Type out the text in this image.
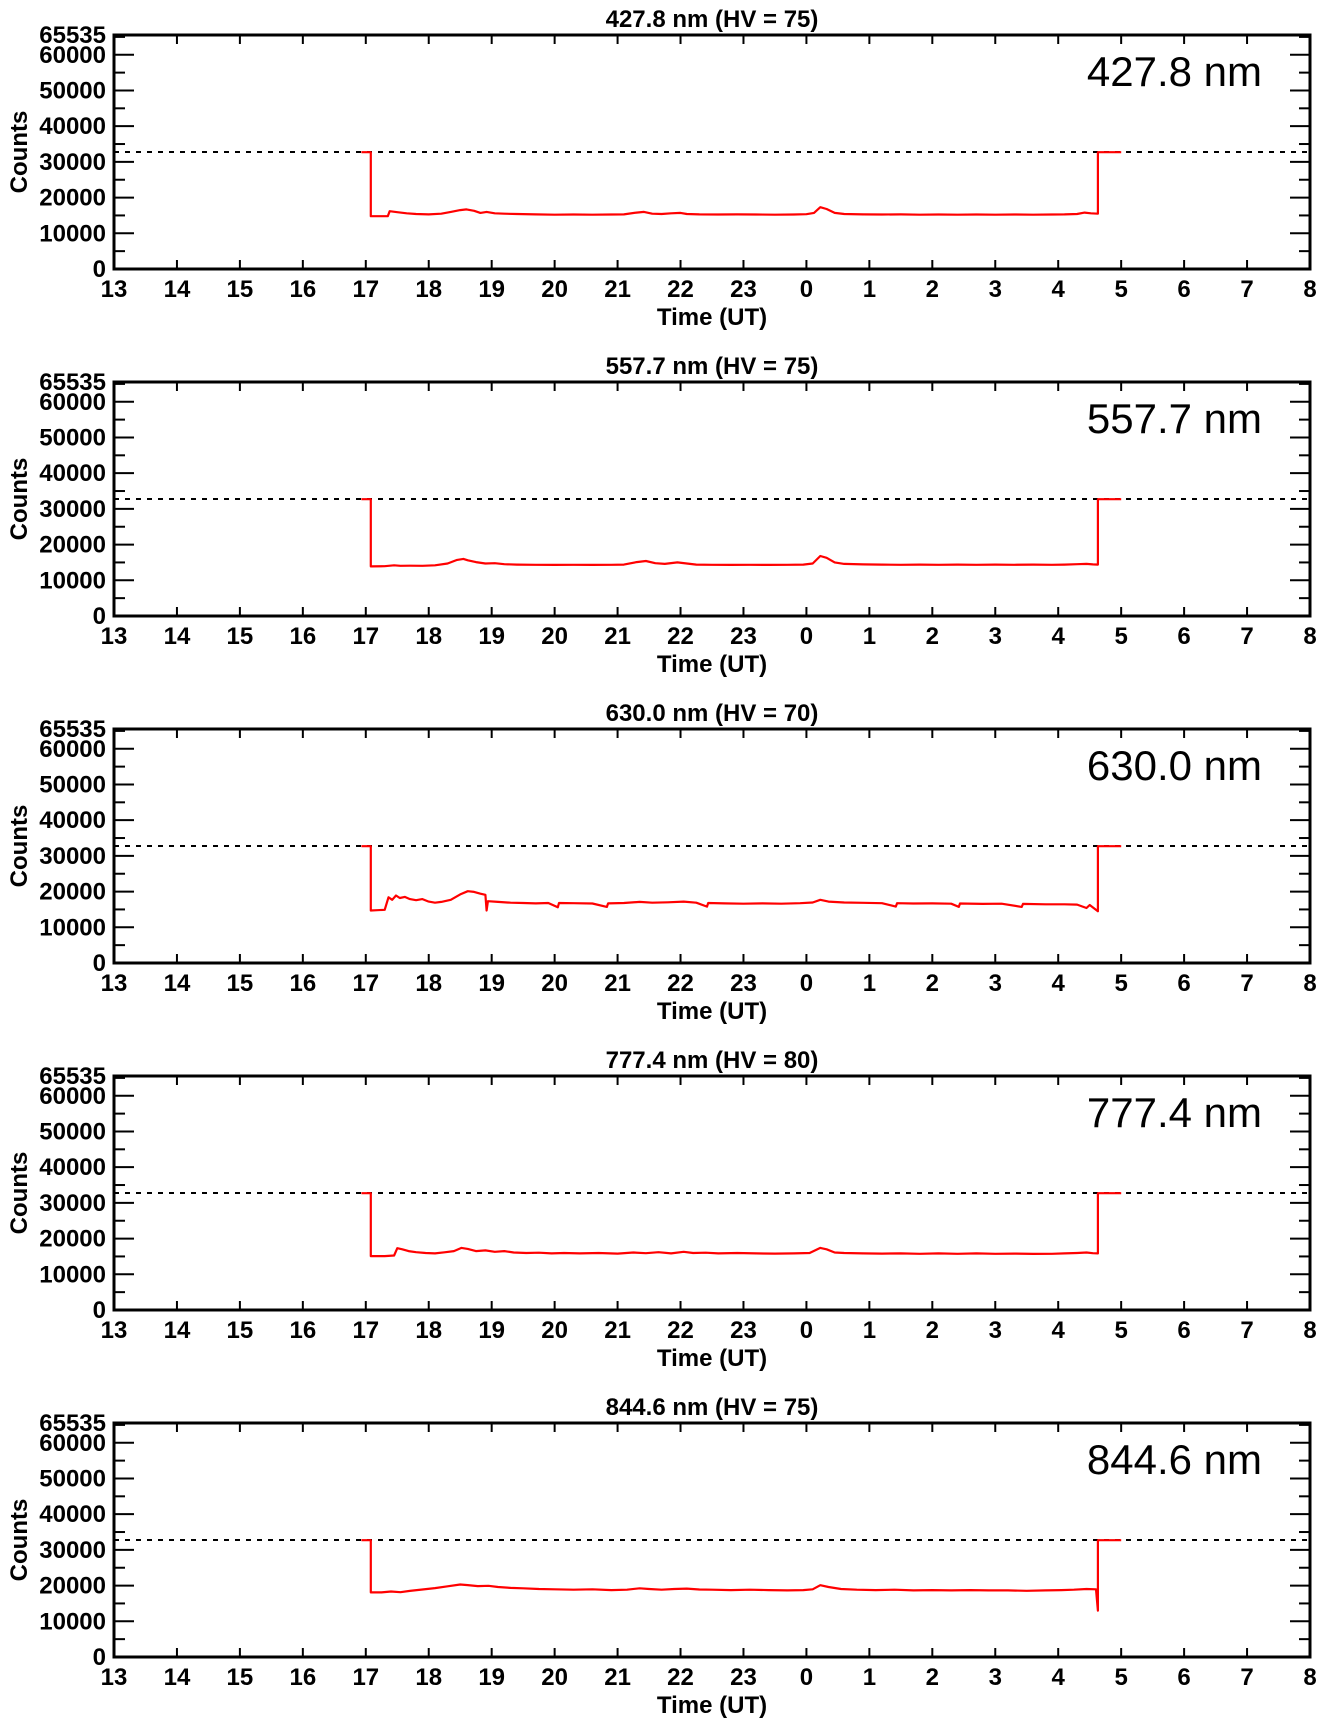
65535
60000
50000
40000
30000
20000
10000
0
13 14 15 16 17 18 19 20 21 22 23 0 1 2 3 4 5 6 7 8
427.8 nm (HV = 75)
Time (UT)
Counts
427.8 nm
65535
60000
50000
40000
30000
20000
10000
0
13 14 15 16 17 18 19 20 21 22 23 0 1 2 3 4 5 6 7 8
557.7 nm (HV = 75)
Time (UT)
Counts
557.7 nm
65535
60000
50000
40000
30000
20000
10000
0
13 14 15 16 17 18 19 20 21 22 23 0 1 2 3 4 5 6 7 8
630.0 nm (HV = 70)
Time (UT)
Counts
630.0 nm
65535
60000
50000
40000
30000
20000
10000
0
13 14 15 16 17 18 19 20 21 22 23 0 1 2 3 4 5 6 7 8
777.4 nm (HV = 80)
Time (UT)
Counts
777.4 nm
65535
60000
50000
40000
30000
20000
10000
0
13 14 15 16 17 18 19 20 21 22 23 0 1 2 3 4 5 6 7 8
844.6 nm (HV = 75)
Time (UT)
Counts
844.6 nm
